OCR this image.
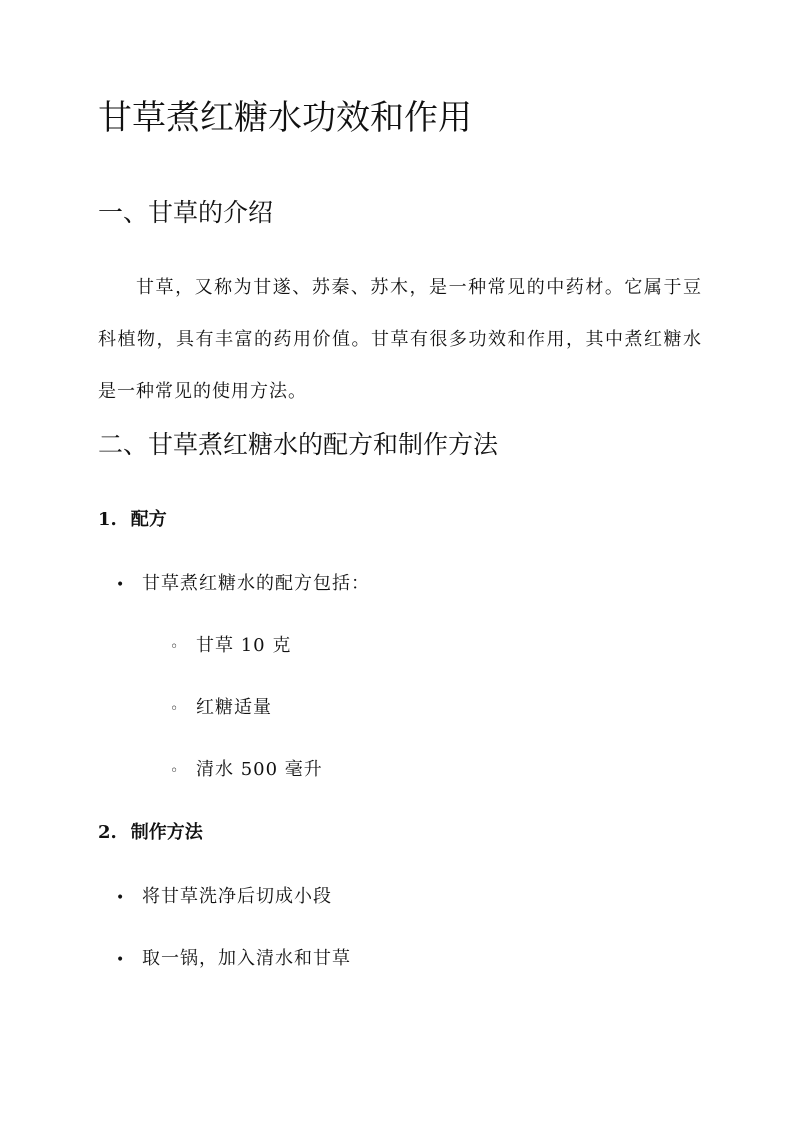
甘草煮红糖水功效和作用
一、甘草的介绍

甘草，又称为甘遂、苏秦、苏木，是一种常见的中药材。它属于豆科植物，具有丰富的药用价值。甘草有很多功效和作用，其中煮红糖水是一种常见的使用方法。

二、甘草煮红糖水的配方和制作方法
1. 配方
• 甘草煮红糖水的配方包括：
◦ 甘草 10 克
◦ 红糖适量
◦ 清水 500 毫升
2. 制作方法
• 将甘草洗净后切成小段
• 取一锅，加入清水和甘草
